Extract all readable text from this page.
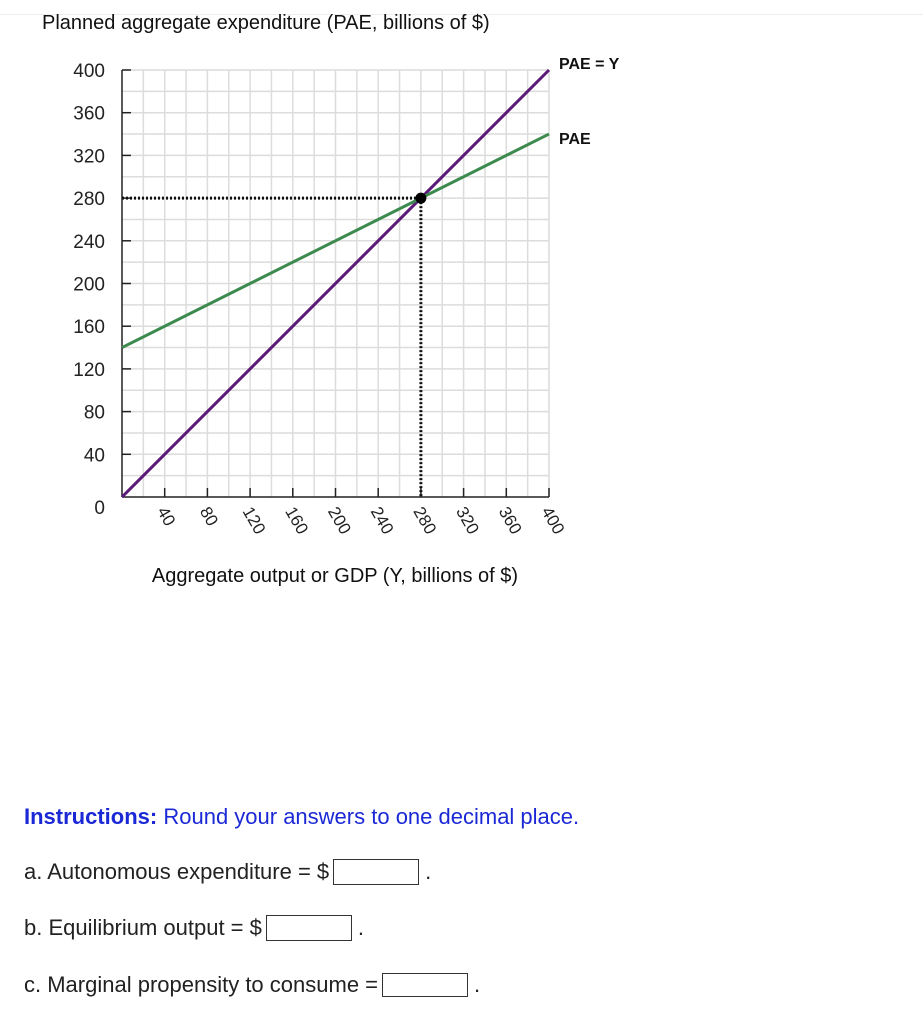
Planned aggregate expenditure (PAE, billions of $)
0
40
80
120
160
200
240
280
320
360
400
40 80 120 160 200 240 280 320 360 400
Aggregate output or GDP (Y, billions of $)
PAE = Y
PAE
Instructions: Round your answers to one decimal place.
a. Autonomous expenditure = $	.
b. Equilibrium output = $	.
c. Marginal propensity to consume =	.
